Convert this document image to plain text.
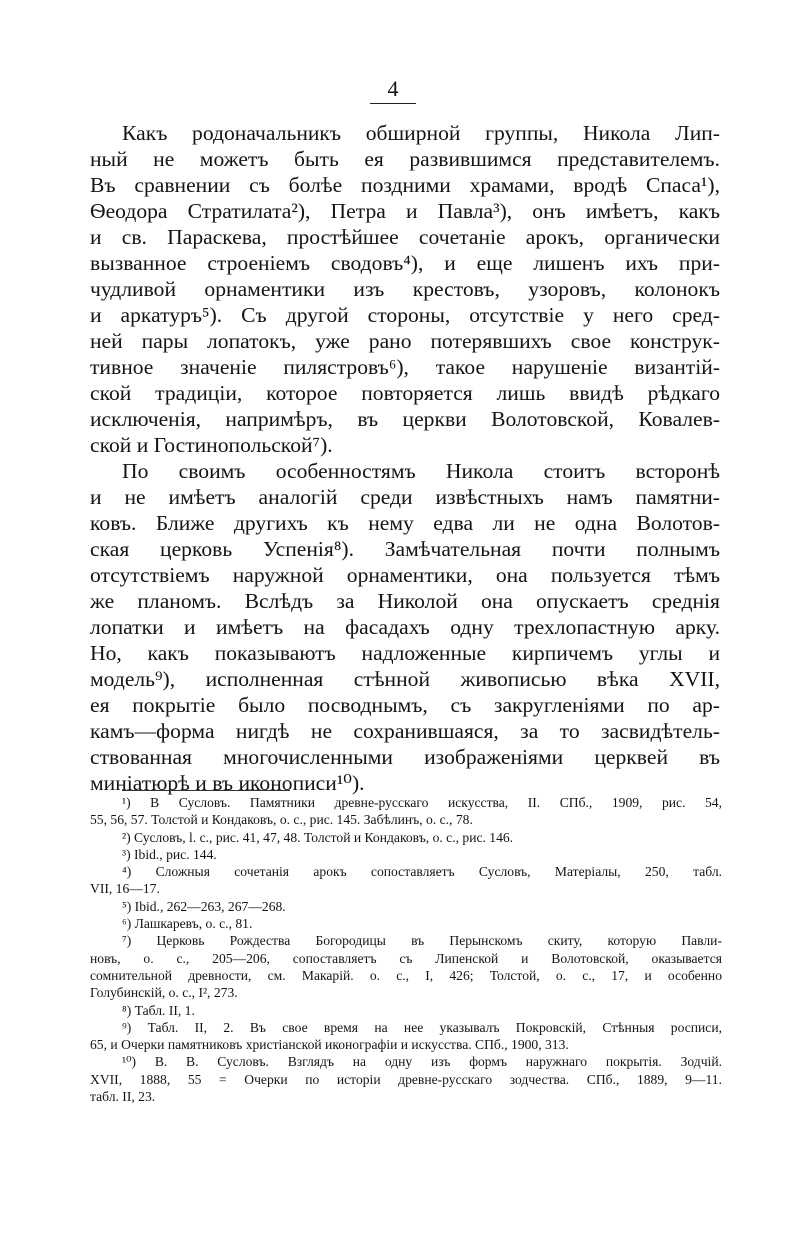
4
Какъ родоначальникъ обширной группы, Никола Лип-
ный не можетъ быть ея развившимся представителемъ.
Въ сравнении съ болѣе поздними храмами, вродѣ Спаса¹),
Ѳеодора Стратилата²), Петра и Павла³), онъ имѣетъ, какъ
и св. Параскева, простѣйшее сочетаніе арокъ, органически
вызванное строеніемъ сводовъ⁴), и еще лишенъ ихъ при-
чудливой орнаментики изъ крестовъ, узоровъ, колонокъ
и аркатуръ⁵). Съ другой стороны, отсутствіе у него сред-
ней пары лопатокъ, уже рано потерявшихъ свое конструк-
тивное значеніе пилястровъ⁶), такое нарушеніе византій-
ской традиціи, которое повторяется лишь ввидѣ рѣдкаго
исключенія, напримѣръ, въ церкви Волотовской, Ковалев-
ской и Гостинопольской⁷).
По своимъ особенностямъ Никола стоитъ всторонѣ
и не имѣетъ аналогій среди извѣстныхъ намъ памятни-
ковъ. Ближе другихъ къ нему едва ли не одна Волотов-
ская церковь Успенія⁸). Замѣчательная почти полнымъ
отсутствіемъ наружной орнаментики, она пользуется тѣмъ
же планомъ. Вслѣдъ за Николой она опускаетъ среднія
лопатки и имѣетъ на фасадахъ одну трехлопастную арку.
Но, какъ показываютъ надложенные кирпичемъ углы и
модель⁹), исполненная стѣнной живописью вѣка XVII,
ея покрытіе было посводнымъ, съ закругленіями по ар-
камъ—форма нигдѣ не сохранившаяся, за то засвидѣтель-
ствованная многочисленными изображеніями церквей въ
миніатюрѣ и въ иконописи¹⁰).
¹) В Сусловъ. Памятники древне-русскаго искусства, II. СПб., 1909, рис. 54,
55, 56, 57. Толстой и Кондаковъ, о. с., рис. 145. Забѣлинъ, о. с., 78.
²) Сусловъ, l. c., рис. 41, 47, 48. Толстой и Кондаковъ, о. с., рис. 146.
³) Ibid., рис. 144.
⁴) Сложныя сочетанія арокъ сопоставляетъ Сусловъ, Матеріалы, 250, табл.
VII, 16—17.
⁵) Ibid., 262—263, 267—268.
⁶) Лашкаревъ, о. с., 81.
⁷) Церковь Рождества Богородицы въ Перынскомъ скиту, которую Павли-
новъ, о. с., 205—206, сопоставляетъ съ Липенской и Волотовской, оказывается
сомнительной древности, см. Макарій. о. с., I, 426; Толстой, о. с., 17, и особенно
Голубинскій, о. с., I², 273.
⁸) Табл. II, 1.
⁹) Табл. II, 2. Въ свое время на нее указывалъ Покровскій, Стѣнныя росписи,
65, и Очерки памятниковъ христіанской иконографіи и искусства. СПб., 1900, 313.
¹⁰) В. В. Сусловъ. Взглядъ на одну изъ формъ наружнаго покрытія. Зодчій.
XVII, 1888, 55 = Очерки по исторіи древне-русскаго зодчества. СПб., 1889, 9—11.
табл. II, 23.
